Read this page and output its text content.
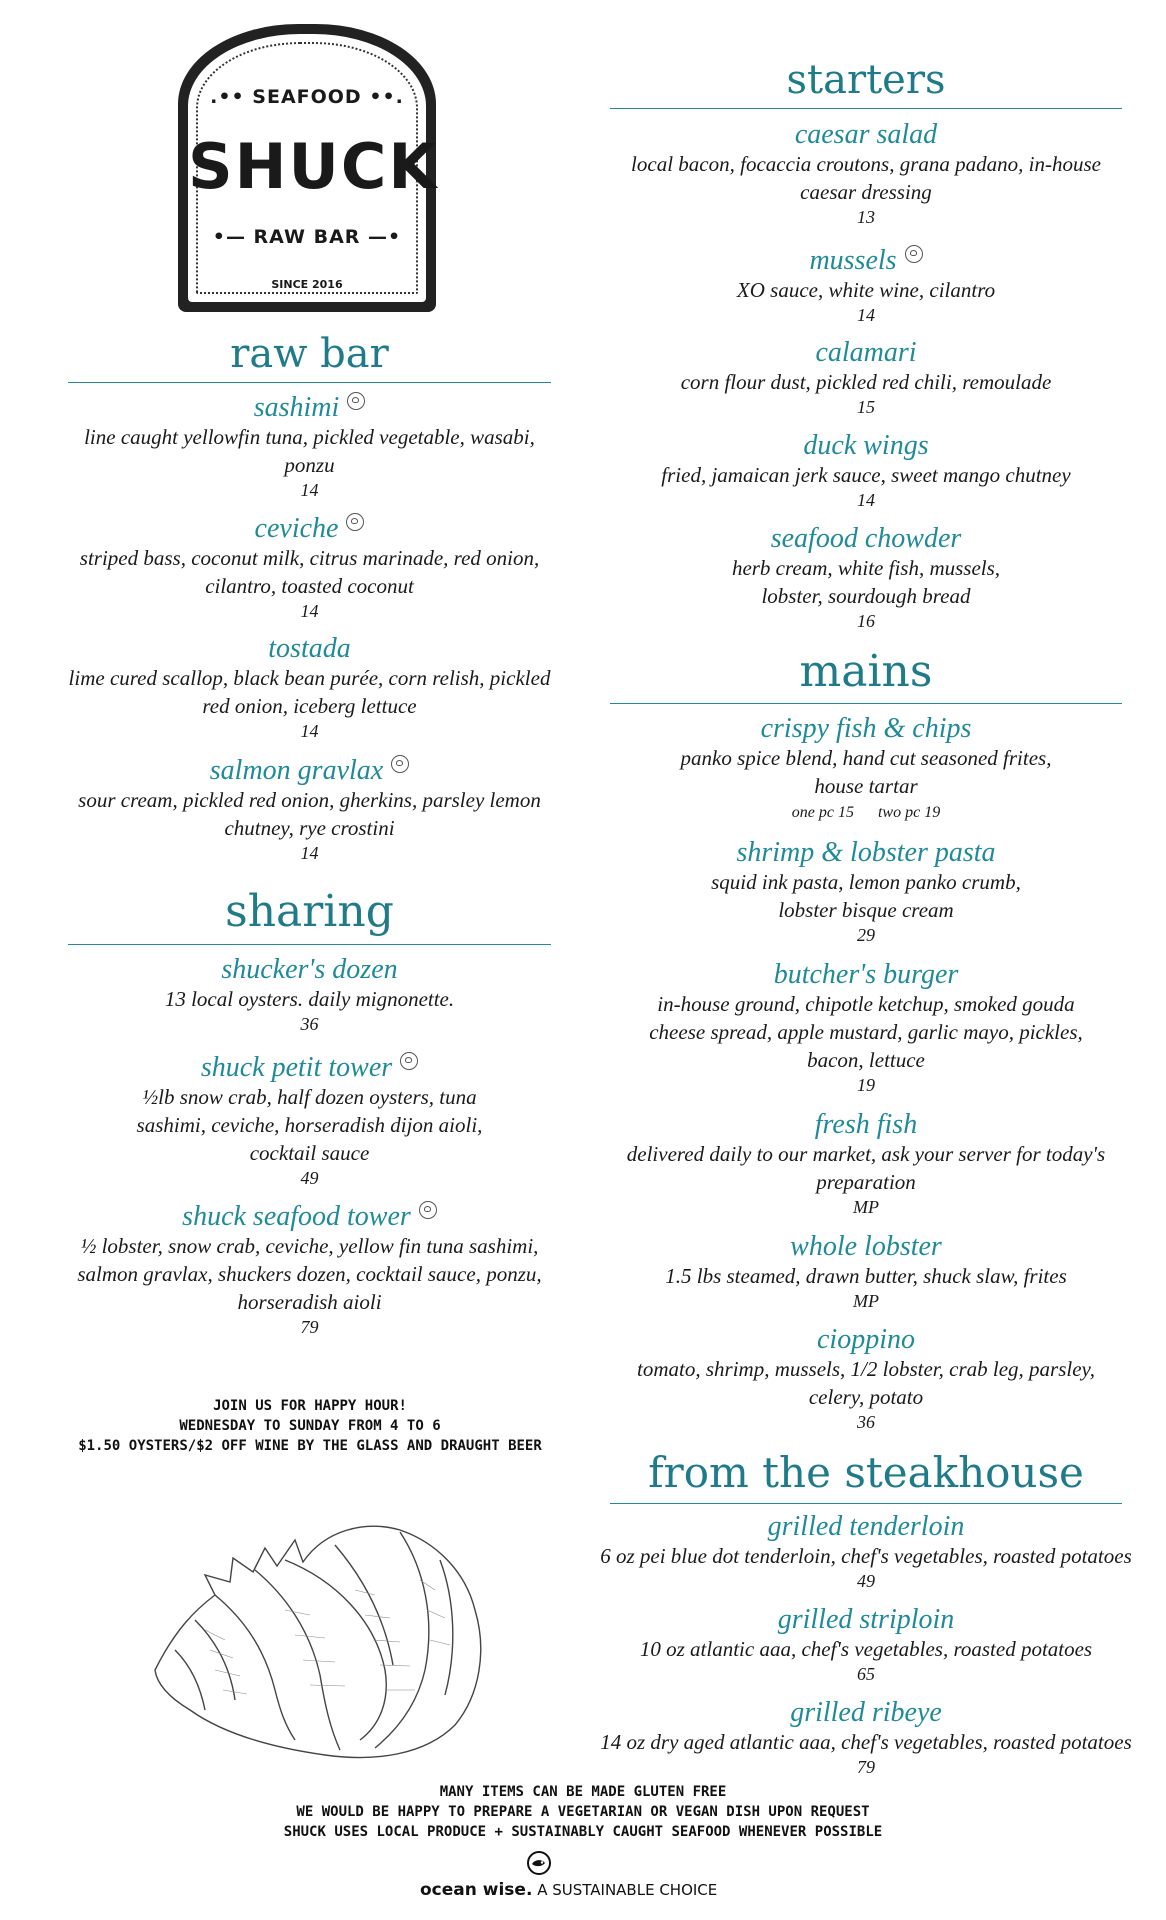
.•• SEAFOOD ••.
SHUCK
•— RAW BAR —•
SINCE 2016
raw bar
sashimi
line caught yellowfin tuna, pickled vegetable, wasabi, ponzu
14
ceviche
striped bass, coconut milk, citrus marinade, red onion, cilantro, toasted coconut
14
tostada
lime cured scallop, black bean purée, corn relish, pickled red onion, iceberg lettuce
14
salmon gravlax
sour cream, pickled red onion, gherkins, parsley lemon chutney, rye crostini
14
sharing
shucker's dozen
13 local oysters. daily mignonette.
36
shuck petit tower
½lb snow crab, half dozen oysters, tuna sashimi, ceviche, horseradish dijon aioli, cocktail sauce
49
shuck seafood tower
½ lobster, snow crab, ceviche, yellow fin tuna sashimi, salmon gravlax, shuckers dozen, cocktail sauce, ponzu, horseradish aioli
79
JOIN US FOR HAPPY HOUR!
WEDNESDAY TO SUNDAY FROM 4 TO 6
$1.50 OYSTERS/$2 OFF WINE BY THE GLASS AND DRAUGHT BEER
starters
caesar salad
local bacon, focaccia croutons, grana padano, in-house caesar dressing
13
mussels
XO sauce, white wine, cilantro
14
calamari
corn flour dust, pickled red chili, remoulade
15
duck wings
fried, jamaican jerk sauce, sweet mango chutney
14
seafood chowder
herb cream, white fish, mussels, lobster, sourdough bread
16
mains
crispy fish & chips
panko spice blend, hand cut seasoned frites, house tartar
one pc 15 two pc 19
shrimp & lobster pasta
squid ink pasta, lemon panko crumb, lobster bisque cream
29
butcher's burger
in-house ground, chipotle ketchup, smoked gouda cheese spread, apple mustard, garlic mayo, pickles, bacon, lettuce
19
fresh fish
delivered daily to our market, ask your server for today's preparation
MP
whole lobster
1.5 lbs steamed, drawn butter, shuck slaw, frites
MP
cioppino
tomato, shrimp, mussels, 1/2 lobster, crab leg, parsley, celery, potato
36
from the steakhouse
grilled tenderloin
6 oz pei blue dot tenderloin, chef's vegetables, roasted potatoes
49
grilled striploin
10 oz atlantic aaa, chef's vegetables, roasted potatoes
65
grilled ribeye
14 oz dry aged atlantic aaa, chef's vegetables, roasted potatoes
79
MANY ITEMS CAN BE MADE GLUTEN FREE
WE WOULD BE HAPPY TO PREPARE A VEGETARIAN OR VEGAN DISH UPON REQUEST
SHUCK USES LOCAL PRODUCE + SUSTAINABLY CAUGHT SEAFOOD WHENEVER POSSIBLE
ocean wise. A SUSTAINABLE CHOICE
